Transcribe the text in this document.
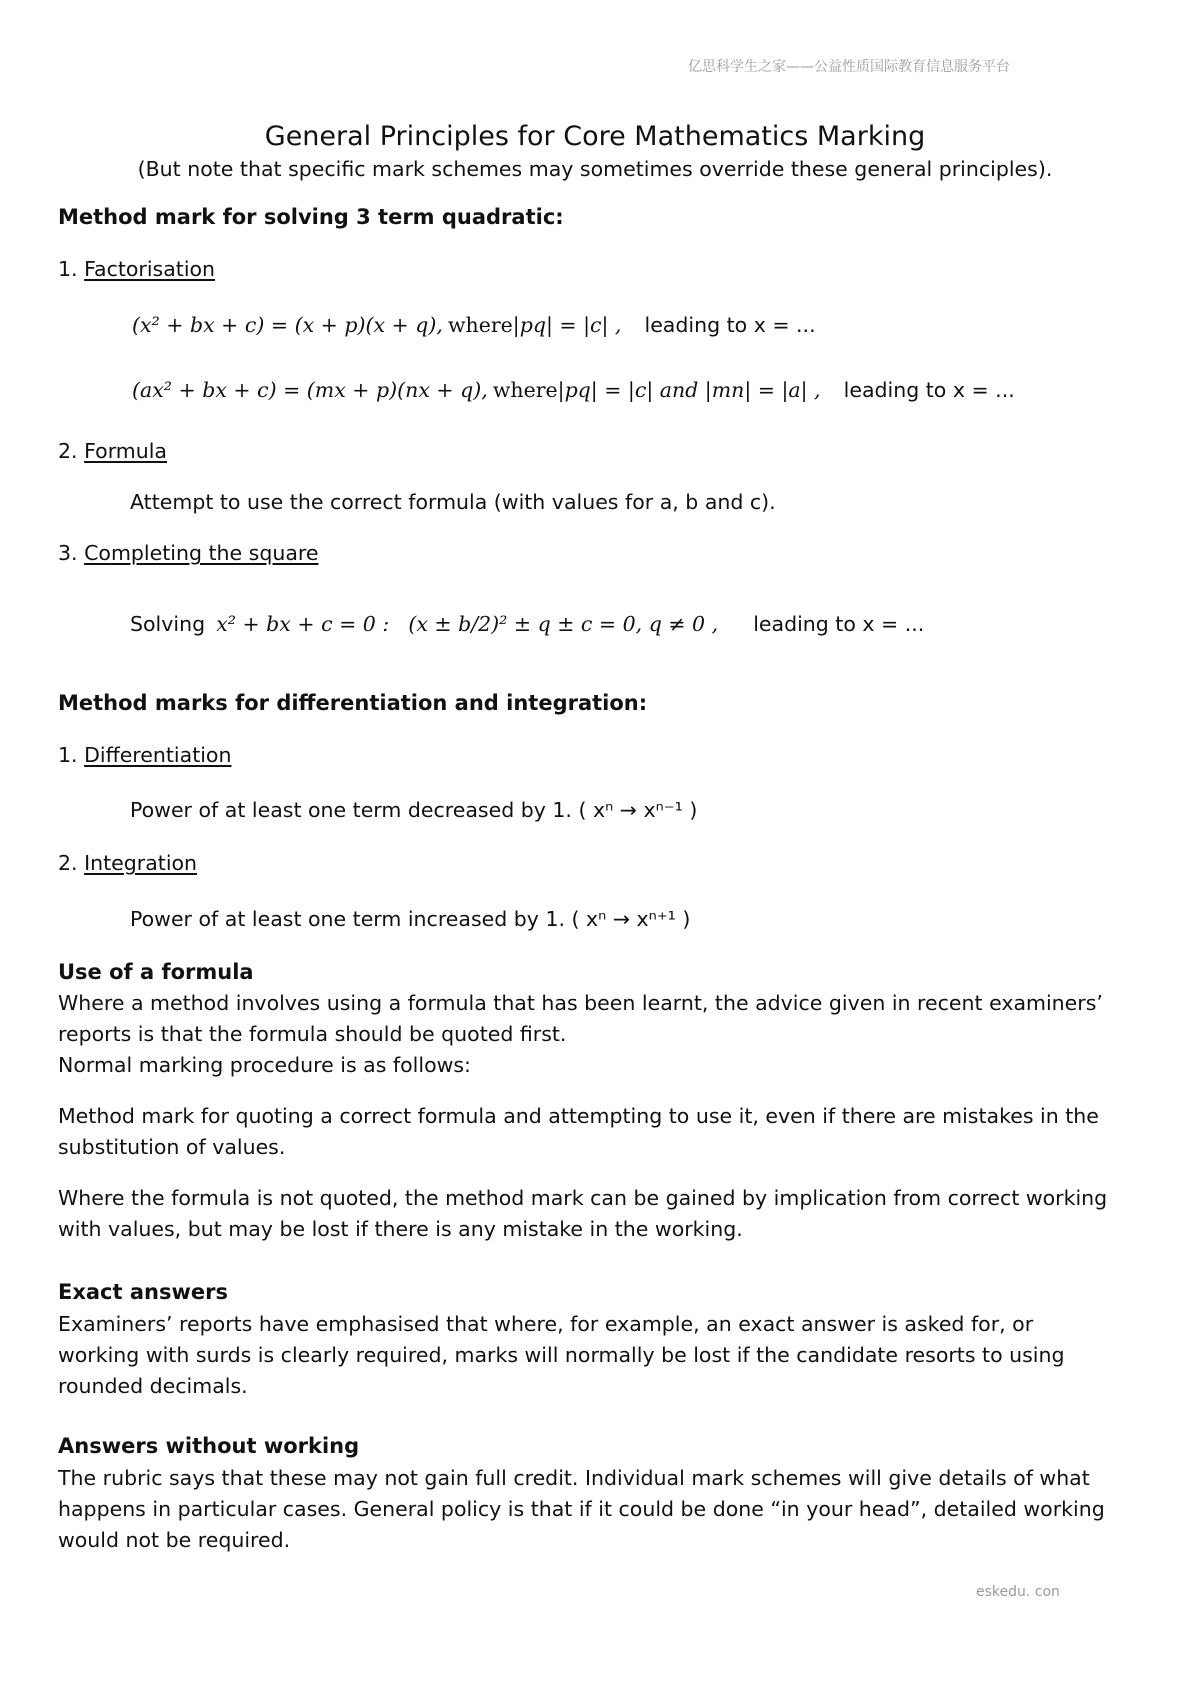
亿思科学生之家——公益性质国际教育信息服务平台
General Principles for Core Mathematics Marking
(But note that specific mark schemes may sometimes override these general principles).
Method mark for solving 3 term quadratic:
1. Factorisation
(x² + bx + c) = (x + p)(x + q), where|pq| = |c| , leading to x = ...
(ax² + bx + c) = (mx + p)(nx + q), where|pq| = |c| and |mn| = |a| , leading to x = ...
2. Formula
Attempt to use the correct formula (with values for a, b and c).
3. Completing the square
Solving x² + bx + c = 0 : (x ± b/2)² ± q ± c = 0, q ≠ 0 , leading to x = ...
Method marks for differentiation and integration:
1. Differentiation
Power of at least one term decreased by 1. ( xⁿ → xⁿ⁻¹ )
2. Integration
Power of at least one term increased by 1. ( xⁿ → xⁿ⁺¹ )
Use of a formula
Where a method involves using a formula that has been learnt, the advice given in recent examiners’ reports is that the formula should be quoted first.
Normal marking procedure is as follows:
Method mark for quoting a correct formula and attempting to use it, even if there are mistakes in the substitution of values.
Where the formula is not quoted, the method mark can be gained by implication from correct working with values, but may be lost if there is any mistake in the working.
Exact answers
Examiners’ reports have emphasised that where, for example, an exact answer is asked for, or working with surds is clearly required, marks will normally be lost if the candidate resorts to using rounded decimals.
Answers without working
The rubric says that these may not gain full credit. Individual mark schemes will give details of what happens in particular cases. General policy is that if it could be done “in your head”, detailed working would not be required.
eskedu. con
